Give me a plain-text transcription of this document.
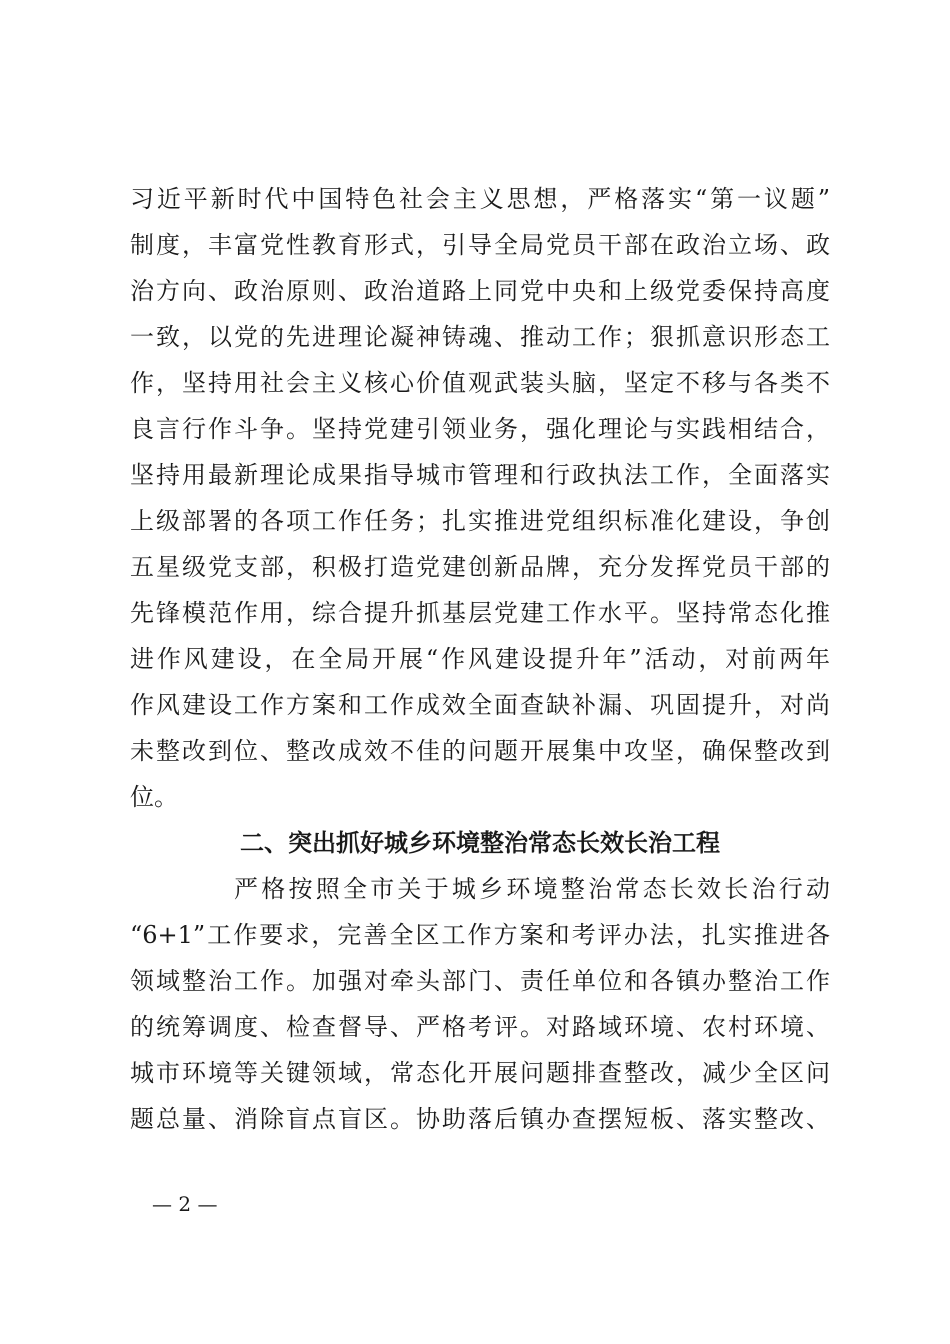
习近平新时代中国特色社会主义思想，严格落实“第一议题”
制度，丰富党性教育形式，引导全局党员干部在政治立场、政
治方向、政治原则、政治道路上同党中央和上级党委保持高度
一致，以党的先进理论凝神铸魂、推动工作；狠抓意识形态工
作，坚持用社会主义核心价值观武装头脑，坚定不移与各类不
良言行作斗争。坚持党建引领业务，强化理论与实践相结合，
坚持用最新理论成果指导城市管理和行政执法工作，全面落实
上级部署的各项工作任务；扎实推进党组织标准化建设，争创
五星级党支部，积极打造党建创新品牌，充分发挥党员干部的
先锋模范作用，综合提升抓基层党建工作水平。坚持常态化推
进作风建设，在全局开展“作风建设提升年”活动，对前两年
作风建设工作方案和工作成效全面查缺补漏、巩固提升，对尚
未整改到位、整改成效不佳的问题开展集中攻坚，确保整改到
位。
二、突出抓好城乡环境整治常态长效长治工程
严格按照全市关于城乡环境整治常态长效长治行动
“6+1”工作要求，完善全区工作方案和考评办法，扎实推进各
领域整治工作。加强对牵头部门、责任单位和各镇办整治工作
的统筹调度、检查督导、严格考评。对路域环境、农村环境、
城市环境等关键领域，常态化开展问题排查整改，减少全区问
题总量、消除盲点盲区。协助落后镇办查摆短板、落实整改、
— 2 —
